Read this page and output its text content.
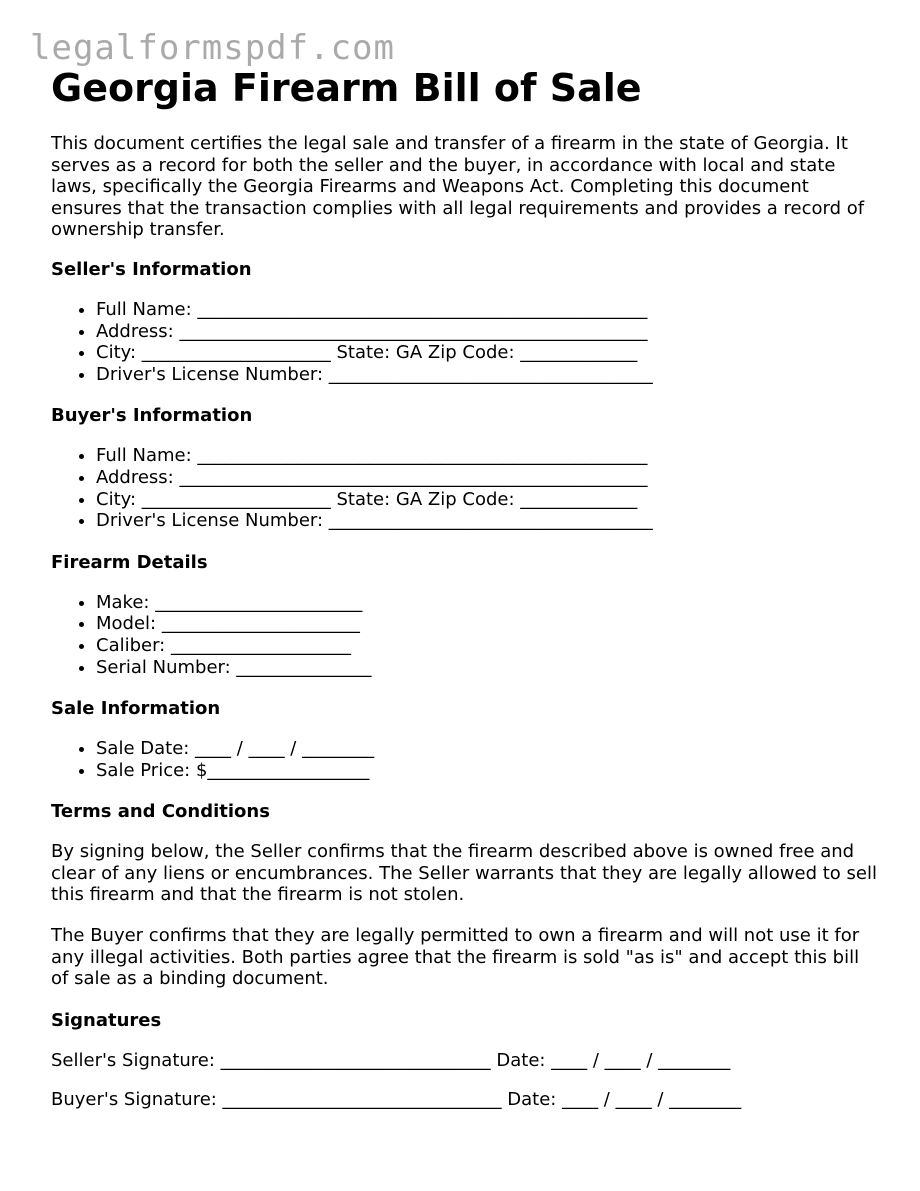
legalformspdf.com
Georgia Firearm Bill of Sale

This document certifies the legal sale and transfer of a firearm in the state of Georgia. It serves as a record for both the seller and the buyer, in accordance with local and state laws, specifically the Georgia Firearms and Weapons Act. Completing this document ensures that the transaction complies with all legal requirements and provides a record of ownership transfer.

Seller's Information
• Full Name: __________________________________________________
• Address: ____________________________________________________
• City: _____________________ State: GA Zip Code: _____________
• Driver's License Number: ____________________________________
Buyer's Information
• Full Name: __________________________________________________
• Address: ____________________________________________________
• City: _____________________ State: GA Zip Code: _____________
• Driver's License Number: ____________________________________
Firearm Details
• Make: _______________________
• Model: ______________________
• Caliber: ____________________
• Serial Number: _______________
Sale Information
• Sale Date: ____ / ____ / ________
• Sale Price: $__________________
Terms and Conditions

By signing below, the Seller confirms that the firearm described above is owned free and clear of any liens or encumbrances. The Seller warrants that they are legally allowed to sell this firearm and that the firearm is not stolen.

The Buyer confirms that they are legally permitted to own a firearm and will not use it for any illegal activities. Both parties agree that the firearm is sold "as is" and accept this bill of sale as a binding document.

Signatures
Seller's Signature: ______________________________ Date: ____ / ____ / ________
Buyer's Signature: _______________________________ Date: ____ / ____ / ________
